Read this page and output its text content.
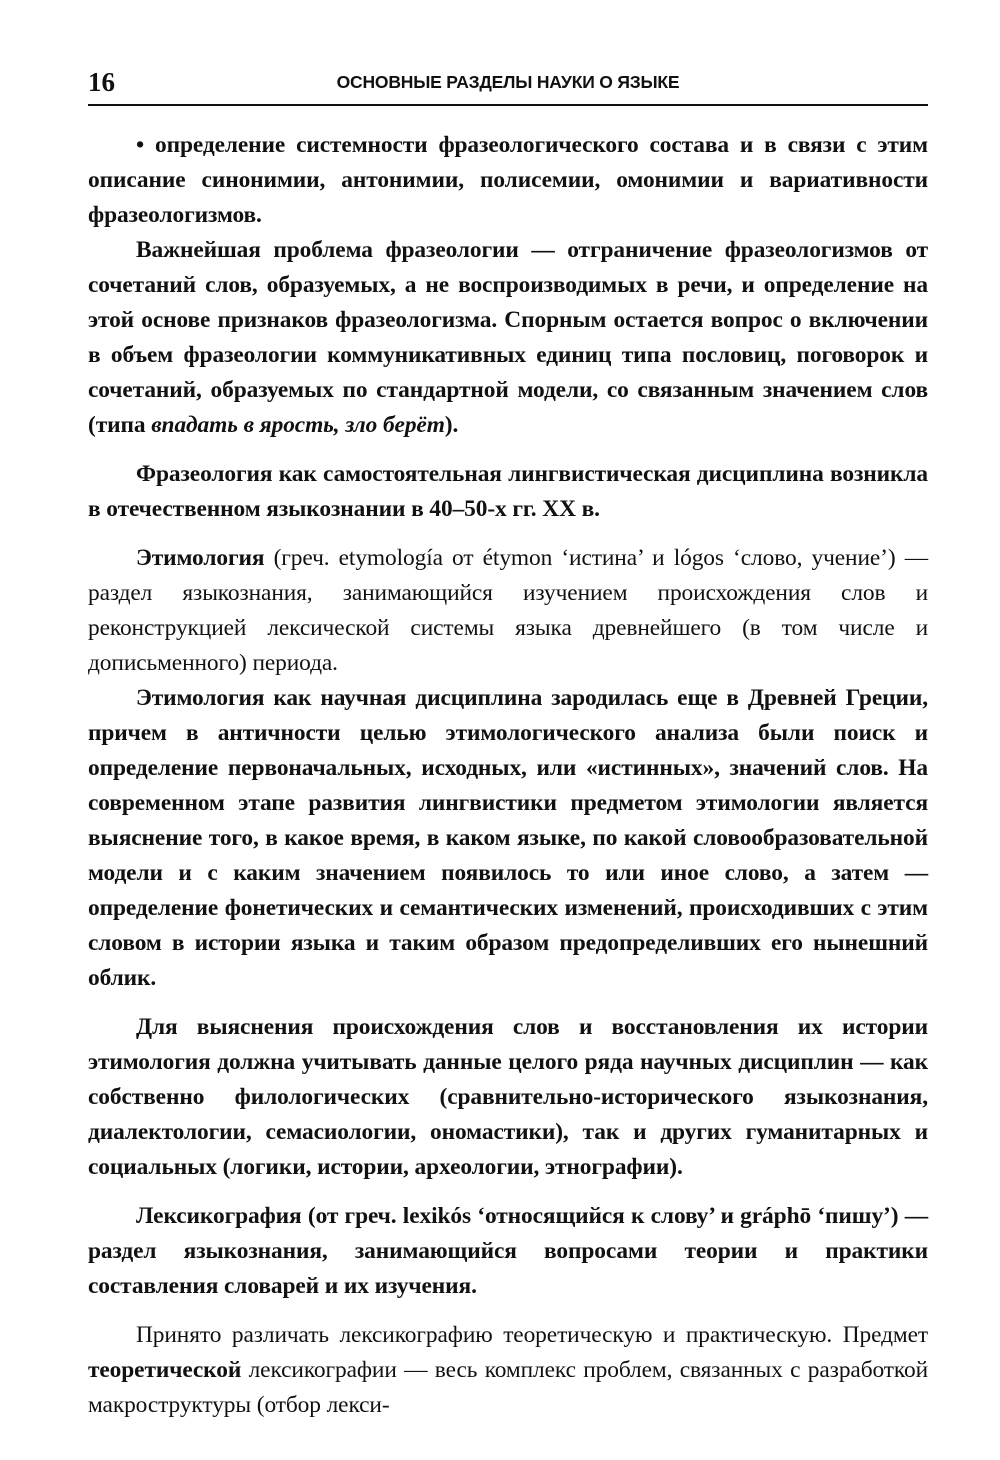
16	ОСНОВНЫЕ РАЗДЕЛЫ НАУКИ О ЯЗЫКЕ

• определение системности фразеологического состава и в связи с этим описание синонимии, антонимии, полисемии, омонимии и вариативности фразеологизмов.

Важнейшая проблема фразеологии — отграничение фразеологизмов от сочетаний слов, образуемых, а не воспроизводимых в речи, и определение на этой основе признаков фразеологизма. Спорным остается вопрос о включении в объем фразеологии коммуникативных единиц типа пословиц, поговорок и сочетаний, образуемых по стандартной модели, со связанным значением слов (типа впадать в ярость, зло берёт).

Фразеология как самостоятельная лингвистическая дисциплина возникла в отечественном языкознании в 40–50-х гг. XX в.

Этимология (греч. etymología от étymon ‘истина’ и lógos ‘слово, учение’) — раздел языкознания, занимающийся изучением происхождения слов и реконструкцией лексической системы языка древнейшего (в том числе и дописьменного) периода.

Этимология как научная дисциплина зародилась еще в Древней Греции, причем в античности целью этимологического анализа были поиск и определение первоначальных, исходных, или «истинных», значений слов. На современном этапе развития лингвистики предметом этимологии является выяснение того, в какое время, в каком языке, по какой словообразовательной модели и с каким значением появилось то или иное слово, а затем — определение фонетических и семантических изменений, происходивших с этим словом в истории языка и таким образом предопределивших его нынешний облик.

Для выяснения происхождения слов и восстановления их истории этимология должна учитывать данные целого ряда научных дисциплин — как собственно филологических (сравнительно-исторического языкознания, диалектологии, семасиологии, ономастики), так и других гуманитарных и социальных (логики, истории, археологии, этнографии).

Лексикография (от греч. lexikós ‘относящийся к слову’ и gráphō ‘пишу’) — раздел языкознания, занимающийся вопросами теории и практики составления словарей и их изучения.

Принято различать лексикографию теоретическую и практическую. Предмет теоретической лексикографии — весь комплекс проблем, связанных с разработкой макроструктуры (отбор лекси-
